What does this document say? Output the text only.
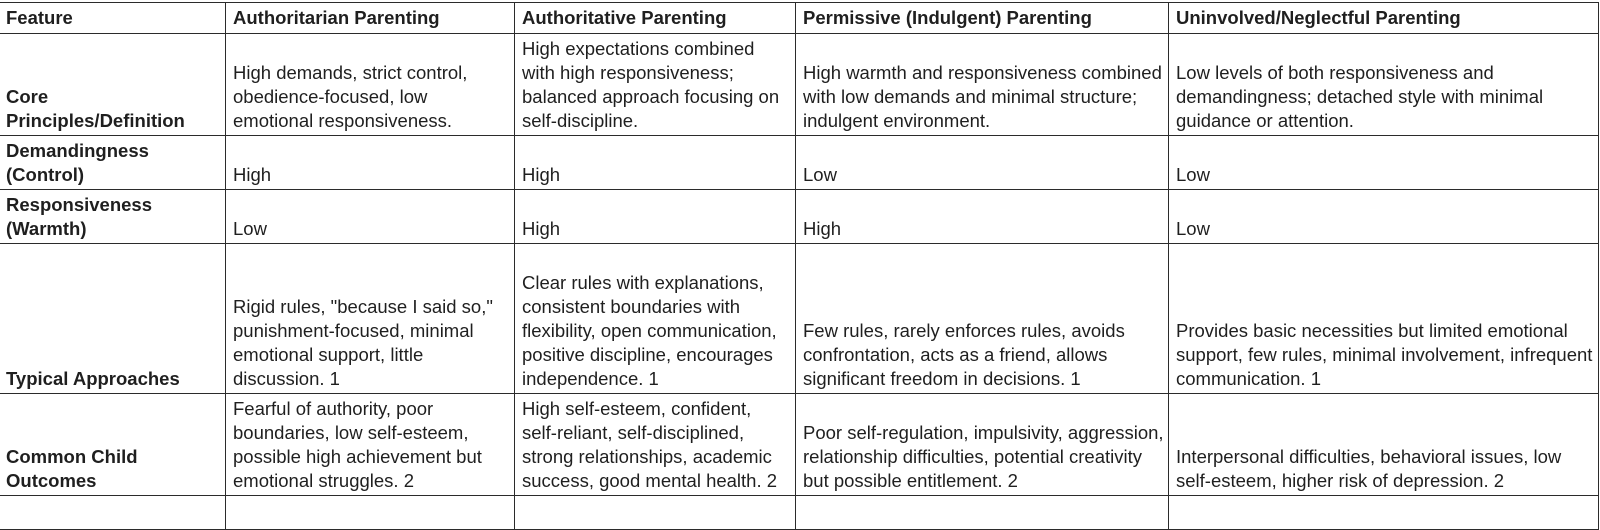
Feature	Authoritarian Parenting	Authoritative Parenting	Permissive (Indulgent) Parenting	Uninvolved/Neglectful Parenting
Core Principles/Definition	High demands, strict control, obedience-focused, low emotional responsiveness.	High expectations combined with high responsiveness; balanced approach focusing on self-discipline.	High warmth and responsiveness combined with low demands and minimal structure; indulgent environment.	Low levels of both responsiveness and demandingness; detached style with minimal guidance or attention.
Demandingness (Control)	High	High	Low	Low
Responsiveness (Warmth)	Low	High	High	Low
Typical Approaches	Rigid rules, "because I said so," punishment-focused, minimal emotional support, little discussion. 1	Clear rules with explanations, consistent boundaries with flexibility, open communication, positive discipline, encourages independence. 1	Few rules, rarely enforces rules, avoids confrontation, acts as a friend, allows significant freedom in decisions. 1	Provides basic necessities but limited emotional support, few rules, minimal involvement, infrequent communication. 1
Common Child Outcomes	Fearful of authority, poor boundaries, low self-esteem, possible high achievement but emotional struggles. 2	High self-esteem, confident, self-reliant, self-disciplined, strong relationships, academic success, good mental health. 2	Poor self-regulation, impulsivity, aggression, relationship difficulties, potential creativity but possible entitlement. 2	Interpersonal difficulties, behavioral issues, low self-esteem, higher risk of depression. 2
